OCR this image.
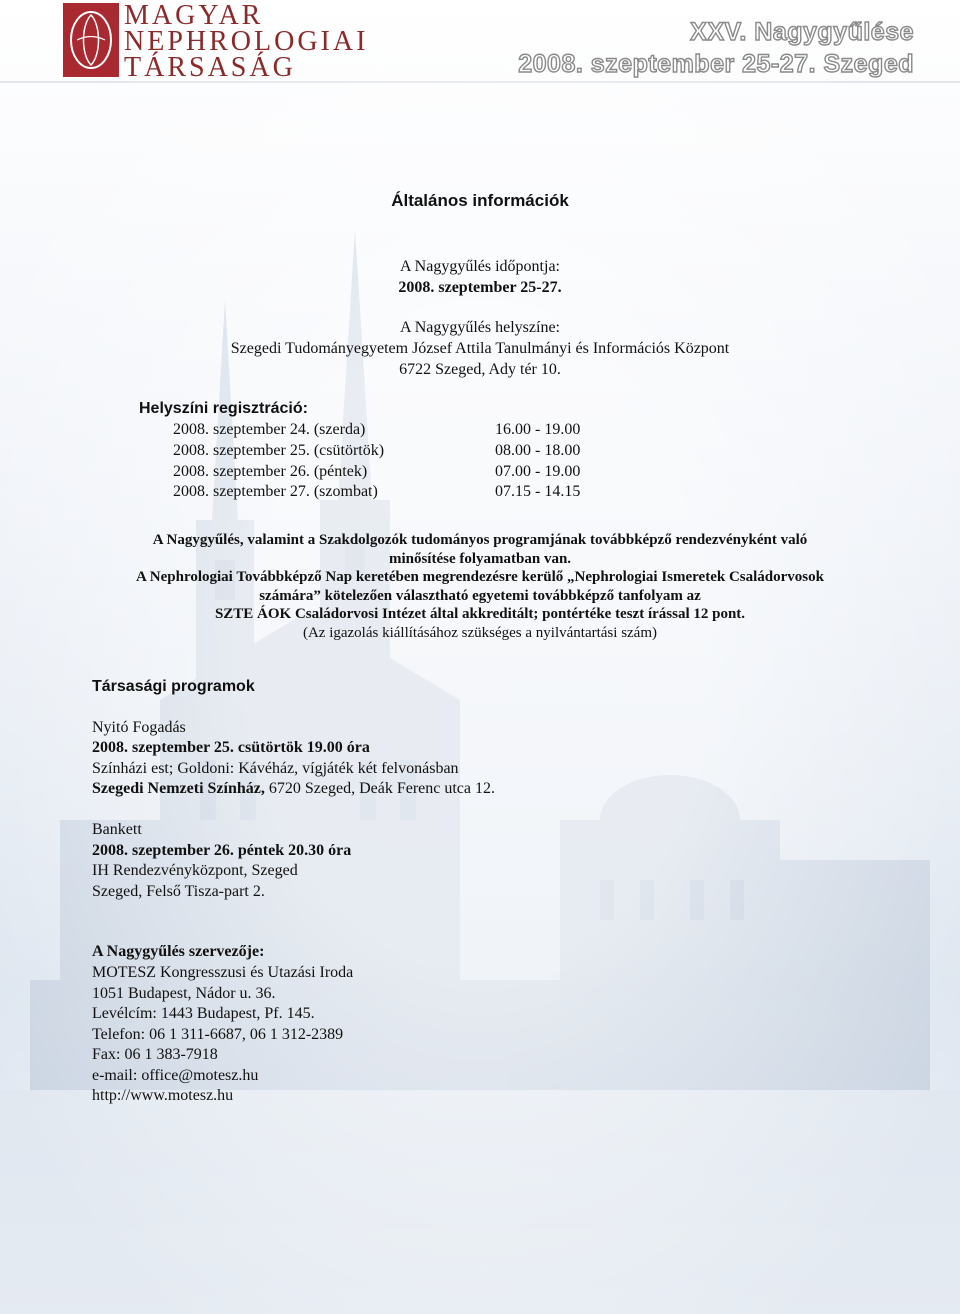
MAGYAR
NEPHROLOGIAI
TÁRSASÁG
XXV. Nagygyűlése
2008. szeptember 25-27. Szeged
Általános információk
A Nagygyűlés időpontja:
2008. szeptember 25-27.
A Nagygyűlés helyszíne:
Szegedi Tudományegyetem József Attila Tanulmányi és Információs Központ
6722 Szeged, Ady tér 10.
Helyszíni regisztráció:
2008. szeptember 24. (szerda)	16.00 - 19.00
2008. szeptember 25. (csütörtök)	08.00 - 18.00
2008. szeptember 26. (péntek)	07.00 - 19.00
2008. szeptember 27. (szombat)	07.15 - 14.15
A Nagygyűlés, valamint a Szakdolgozók tudományos programjának továbbképző rendezvényként való
minősítése folyamatban van.
A Nephrologiai Továbbképző Nap keretében megrendezésre kerülő „Nephrologiai Ismeretek Családorvosok
számára” kötelezően választható egyetemi továbbképző tanfolyam az
SZTE ÁOK Családorvosi Intézet által akkreditált; pontértéke teszt írással 12 pont.
(Az igazolás kiállításához szükséges a nyilvántartási szám)
Társasági programok
Nyitó Fogadás
2008. szeptember 25. csütörtök 19.00 óra
Színházi est; Goldoni: Kávéház, vígjáték két felvonásban
Szegedi Nemzeti Színház, 6720 Szeged, Deák Ferenc utca 12.
Bankett
2008. szeptember 26. péntek 20.30 óra
IH Rendezvényközpont, Szeged
Szeged, Felső Tisza-part 2.
A Nagygyűlés szervezője:
MOTESZ Kongresszusi és Utazási Iroda
1051 Budapest, Nádor u. 36.
Levélcím: 1443 Budapest, Pf. 145.
Telefon: 06 1 311-6687, 06 1 312-2389
Fax: 06 1 383-7918
e-mail: office@motesz.hu
http://www.motesz.hu
